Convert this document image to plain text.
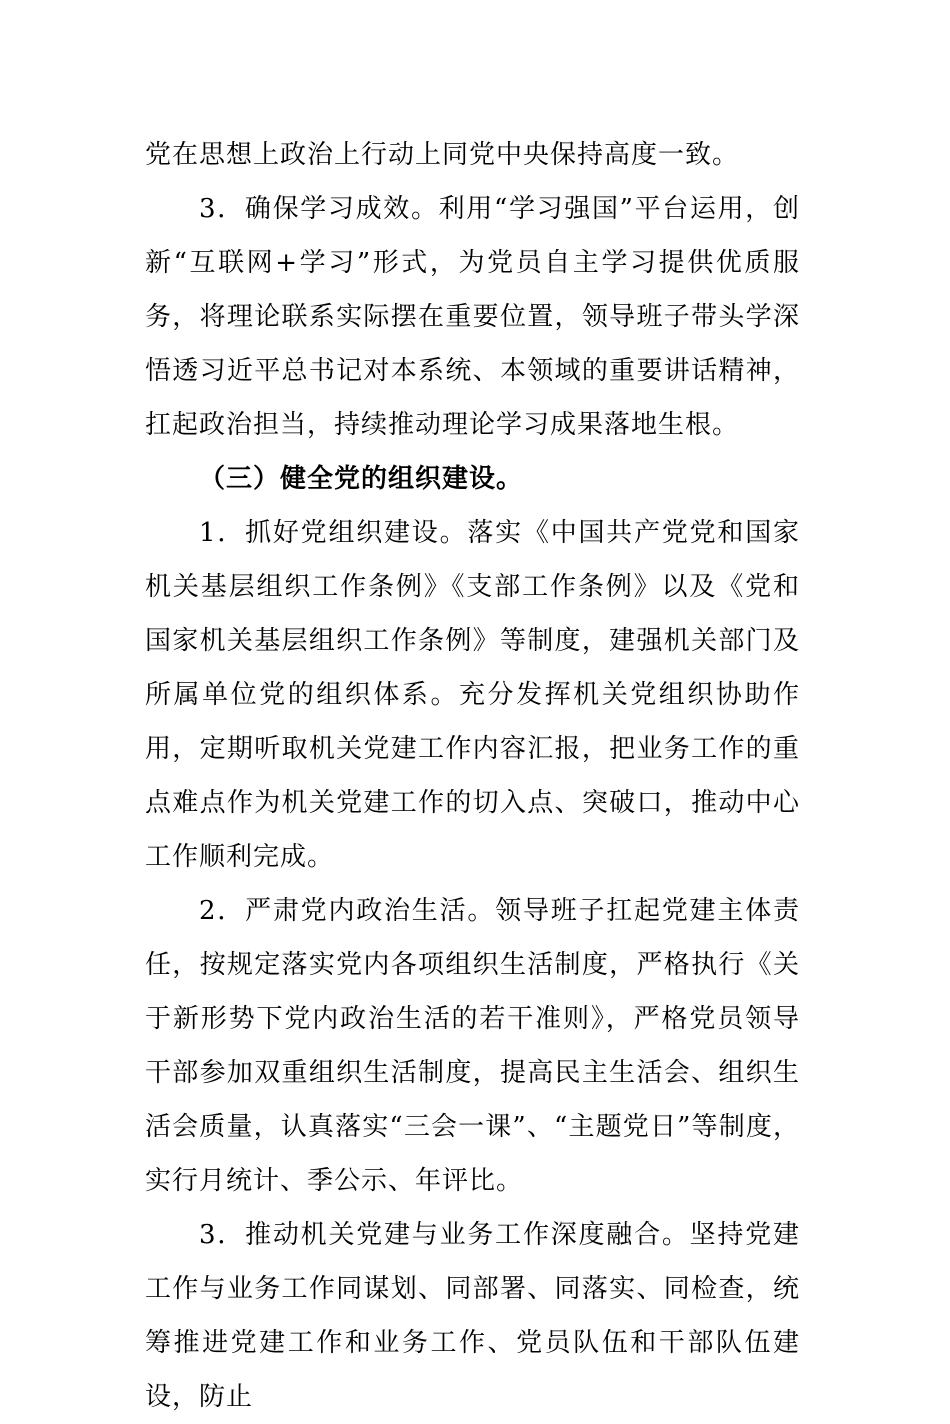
党在思想上政治上行动上同党中央保持高度一致。

3．确保学习成效。利用“学习强国”平台运用，创新“互联网+学习”形式，为党员自主学习提供优质服务，将理论联系实际摆在重要位置，领导班子带头学深悟透习近平总书记对本系统、本领域的重要讲话精神，扛起政治担当，持续推动理论学习成果落地生根。

（三）健全党的组织建设。

1．抓好党组织建设。落实《中国共产党党和国家机关基层组织工作条例》《支部工作条例》以及《党和国家机关基层组织工作条例》等制度，建强机关部门及所属单位党的组织体系。充分发挥机关党组织协助作用，定期听取机关党建工作内容汇报，把业务工作的重点难点作为机关党建工作的切入点、突破口，推动中心工作顺利完成。

2．严肃党内政治生活。领导班子扛起党建主体责任，按规定落实党内各项组织生活制度，严格执行《关于新形势下党内政治生活的若干准则》，严格党员领导干部参加双重组织生活制度，提高民主生活会、组织生活会质量，认真落实“三会一课”、“主题党日”等制度，实行月统计、季公示、年评比。

3．推动机关党建与业务工作深度融合。坚持党建工作与业务工作同谋划、同部署、同落实、同检查，统筹推进党建工作和业务工作、党员队伍和干部队伍建设，防止
